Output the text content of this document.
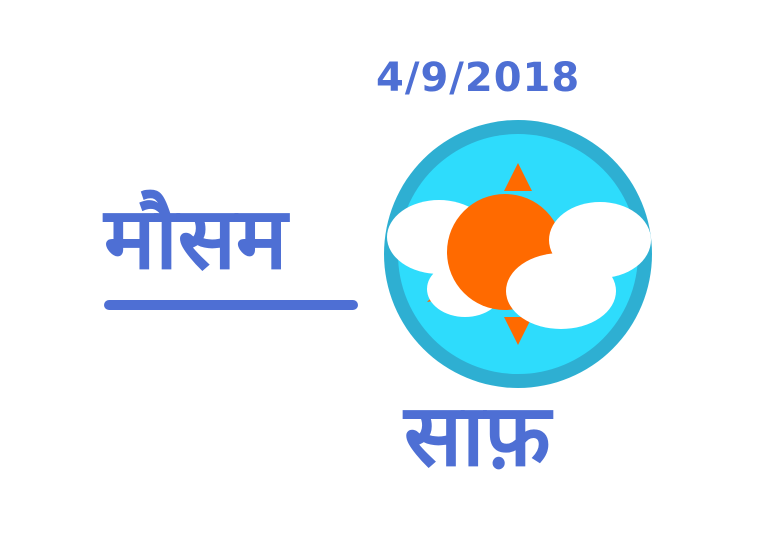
4/9/2018
मौसम
साफ़
